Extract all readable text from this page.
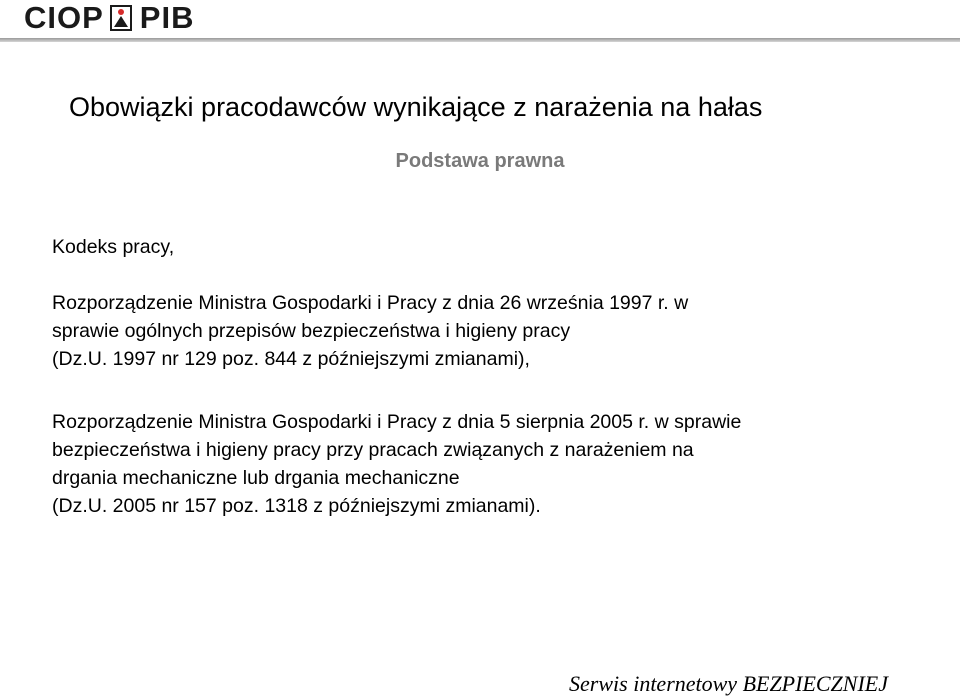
CIOP PIB
Obowiązki pracodawców wynikające z narażenia na hałas
Podstawa prawna
Kodeks pracy,
Rozporządzenie Ministra Gospodarki i Pracy z dnia 26 września 1997 r. w
sprawie ogólnych przepisów bezpieczeństwa i higieny pracy
(Dz.U. 1997 nr 129 poz. 844 z późniejszymi zmianami),
Rozporządzenie Ministra Gospodarki i Pracy z dnia 5 sierpnia 2005 r. w sprawie
bezpieczeństwa i higieny pracy przy pracach związanych z narażeniem na
drgania mechaniczne lub drgania mechaniczne
(Dz.U. 2005 nr 157 poz. 1318 z późniejszymi zmianami).
Serwis internetowy BEZPIECZNIEJ
